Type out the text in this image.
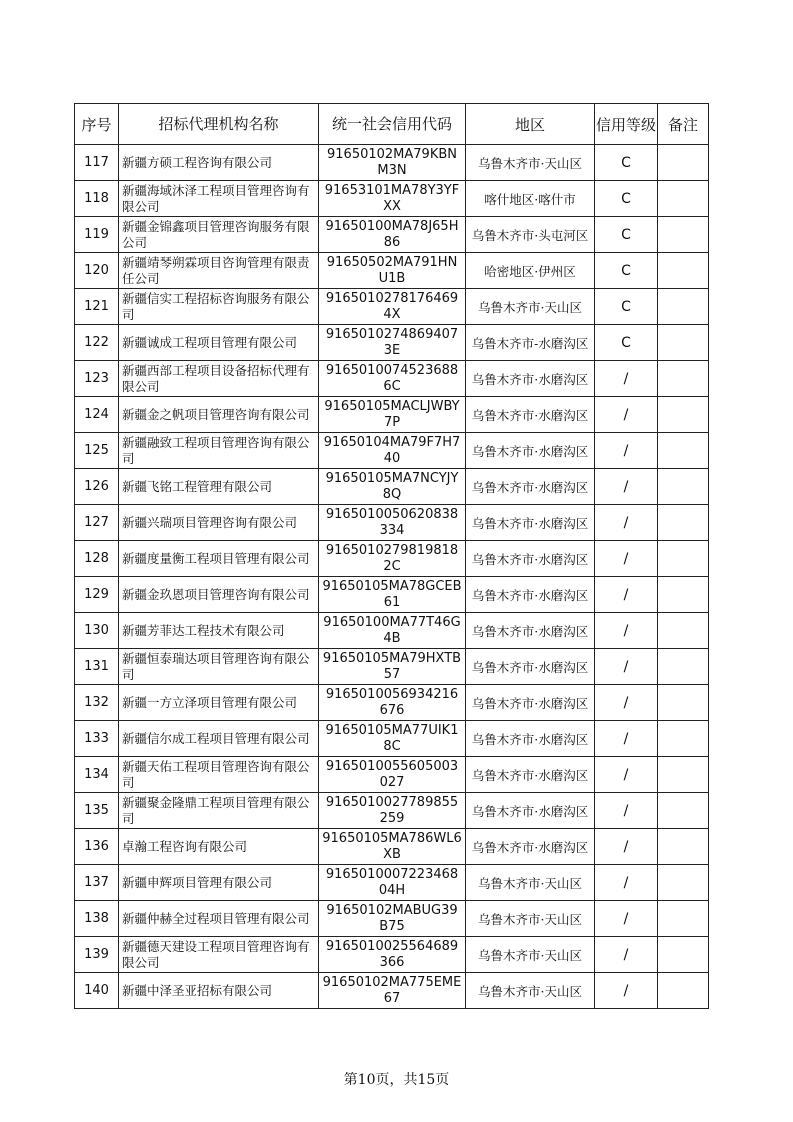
序号	招标代理机构名称	统一社会信用代码	地区	信用等级	备注
117	新疆方硕工程咨询有限公司	91650102MA79KBNM3N	乌鲁木齐市·天山区	C	
118	新疆海域沐泽工程项目管理咨询有限公司	91653101MA78Y3YFXX	喀什地区·喀什市	C	
119	新疆金锦鑫项目管理咨询服务有限公司	91650100MA78J65H86	乌鲁木齐市·头屯河区	C	
120	新疆靖琴朔霖项目咨询管理有限责任公司	91650502MA791HNU1B	哈密地区·伊州区	C	
121	新疆信实工程招标咨询服务有限公司	91650102781764694X	乌鲁木齐市·天山区	C	
122	新疆诚成工程项目管理有限公司	91650102748694073E	乌鲁木齐市-水磨沟区	C	
123	新疆西部工程项目设备招标代理有限公司	91650100745236886C	乌鲁木齐市·水磨沟区	/	
124	新疆金之帆项目管理咨询有限公司	91650105MACLJWBY7P	乌鲁木齐市·水磨沟区	/	
125	新疆融致工程项目管理咨询有限公司	91650104MA79F7H740	乌鲁木齐市·水磨沟区	/	
126	新疆飞铭工程管理有限公司	91650105MA7NCYJY8Q	乌鲁木齐市·水磨沟区	/	
127	新疆兴瑞项目管理咨询有限公司	9165010050620838334	乌鲁木齐市·水磨沟区	/	
128	新疆度量衡工程项目管理有限公司	91650102798198182C	乌鲁木齐市·水磨沟区	/	
129	新疆金玖恩项目管理咨询有限公司	91650105MA78GCEB61	乌鲁木齐市·水磨沟区	/	
130	新疆芳菲达工程技术有限公司	91650100MA77T46G4B	乌鲁木齐市·水磨沟区	/	
131	新疆恒泰瑞达项目管理咨询有限公司	91650105MA79HXTB57	乌鲁木齐市·水磨沟区	/	
132	新疆一方立泽项目管理有限公司	9165010056934216676	乌鲁木齐市·水磨沟区	/	
133	新疆信尔成工程项目管理有限公司	91650105MA77UIK18C	乌鲁木齐市·水磨沟区	/	
134	新疆天佑工程项目管理咨询有限公司	9165010055605003027	乌鲁木齐市·水磨沟区	/	
135	新疆聚金隆鼎工程项目管理有限公司	9165010027789855259	乌鲁木齐市·水磨沟区	/	
136	卓瀚工程咨询有限公司	91650105MA786WL6XB	乌鲁木齐市·水磨沟区	/	
137	新疆申辉项目管理有限公司	916501000722346804H	乌鲁木齐市·天山区	/	
138	新疆仲赫全过程项目管理有限公司	91650102MABUG39B75	乌鲁木齐市·天山区	/	
139	新疆德天建设工程项目管理咨询有限公司	9165010025564689366	乌鲁木齐市·天山区	/	
140	新疆中泽圣亚招标有限公司	91650102MA775EME67	乌鲁木齐市·天山区	/	
第10页，共15页
